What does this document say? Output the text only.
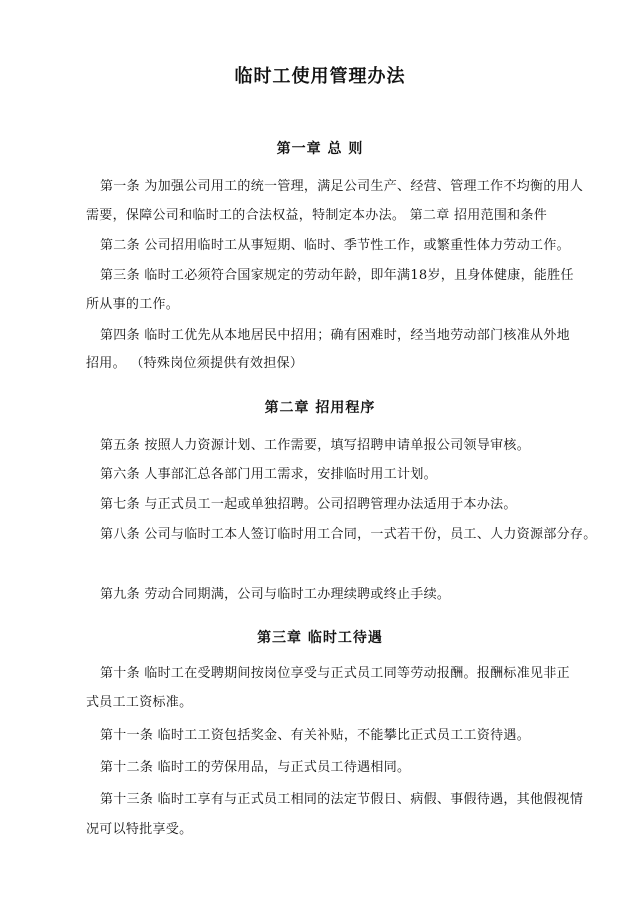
临时工使用管理办法
第一章 总 则
第一条 为加强公司用工的统一管理，满足公司生产、经营、管理工作不均衡的用人
需要，保障公司和临时工的合法权益，特制定本办法。 第二章 招用范围和条件
第二条 公司招用临时工从事短期、临时、季节性工作，或繁重性体力劳动工作。
第三条 临时工必须符合国家规定的劳动年龄，即年满18岁，且身体健康，能胜任
所从事的工作。
第四条 临时工优先从本地居民中招用；确有困难时，经当地劳动部门核准从外地
招用。 （特殊岗位须提供有效担保）
第二章 招用程序
第五条 按照人力资源计划、工作需要，填写招聘申请单报公司领导审核。
第六条 人事部汇总各部门用工需求，安排临时用工计划。
第七条 与正式员工一起或单独招聘。公司招聘管理办法适用于本办法。
第八条 公司与临时工本人签订临时用工合同，一式若干份，员工、人力资源部分存。
第九条 劳动合同期满，公司与临时工办理续聘或终止手续。
第三章 临时工待遇
第十条 临时工在受聘期间按岗位享受与正式员工同等劳动报酬。报酬标准见非正
式员工工资标准。
第十一条 临时工工资包括奖金、有关补贴，不能攀比正式员工工资待遇。
第十二条 临时工的劳保用品，与正式员工待遇相同。
第十三条 临时工享有与正式员工相同的法定节假日、病假、事假待遇，其他假视情
况可以特批享受。
